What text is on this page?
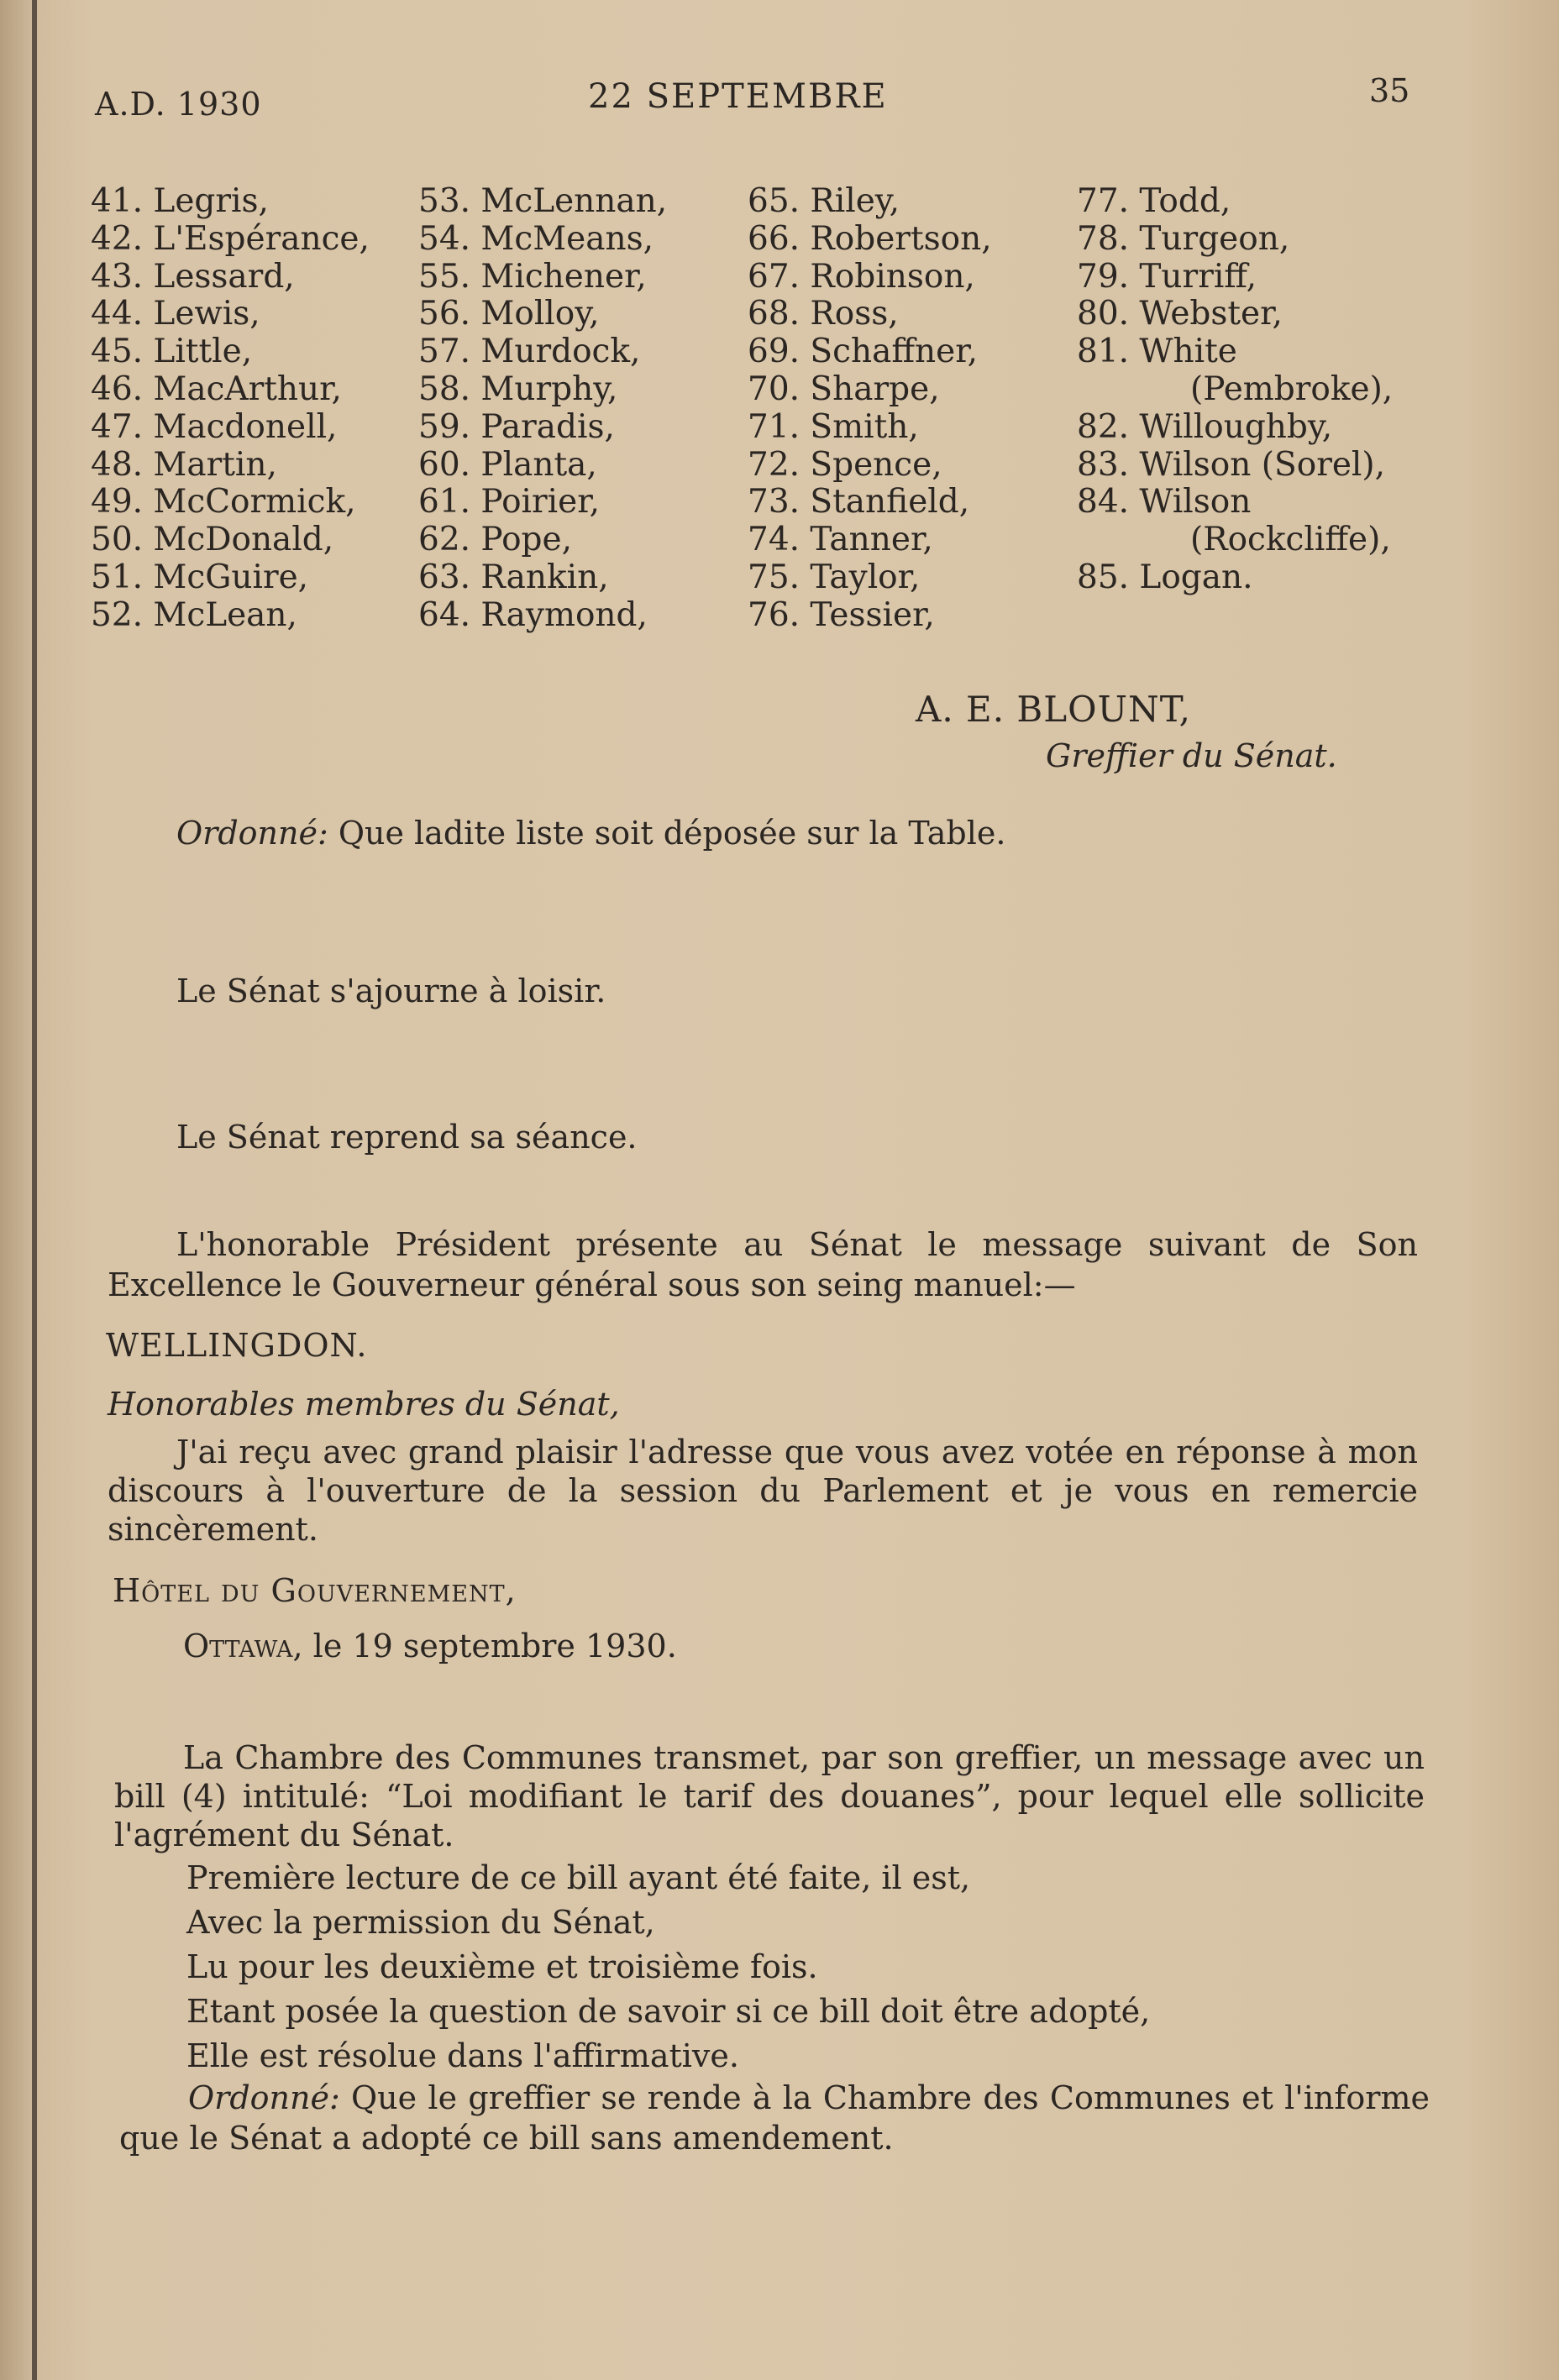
A.D. 1930	22 SEPTEMBRE	35
41. Legris,
42. L'Espérance,
43. Lessard,
44. Lewis,
45. Little,
46. MacArthur,
47. Macdonell,
48. Martin,
49. McCormick,
50. McDonald,
51. McGuire,
52. McLean,
53. McLennan,
54. McMeans,
55. Michener,
56. Molloy,
57. Murdock,
58. Murphy,
59. Paradis,
60. Planta,
61. Poirier,
62. Pope,
63. Rankin,
64. Raymond,
65. Riley,
66. Robertson,
67. Robinson,
68. Ross,
69. Schaffner,
70. Sharpe,
71. Smith,
72. Spence,
73. Stanfield,
74. Tanner,
75. Taylor,
76. Tessier,
77. Todd,
78. Turgeon,
79. Turriff,
80. Webster,
81. White
(Pembroke),
82. Willoughby,
83. Wilson (Sorel),
84. Wilson
(Rockcliffe),
85. Logan.
A. E. BLOUNT,
Greffier du Sénat.
Ordonné: Que ladite liste soit déposée sur la Table.
Le Sénat s'ajourne à loisir.
Le Sénat reprend sa séance.
L'honorable Président présente au Sénat le message suivant de Son Excellence le Gouverneur général sous son seing manuel:—
WELLINGDON.
Honorables membres du Sénat,
J'ai reçu avec grand plaisir l'adresse que vous avez votée en réponse à mon discours à l'ouverture de la session du Parlement et je vous en remercie sincèrement.
Hôtel du Gouvernement,
Ottawa, le 19 septembre 1930.
La Chambre des Communes transmet, par son greffier, un message avec un bill (4) intitulé: “Loi modifiant le tarif des douanes”, pour lequel elle sollicite l'agrément du Sénat.
Première lecture de ce bill ayant été faite, il est,
Avec la permission du Sénat,
Lu pour les deuxième et troisième fois.
Etant posée la question de savoir si ce bill doit être adopté,
Elle est résolue dans l'affirmative.
Ordonné: Que le greffier se rende à la Chambre des Communes et l'informe que le Sénat a adopté ce bill sans amendement.
